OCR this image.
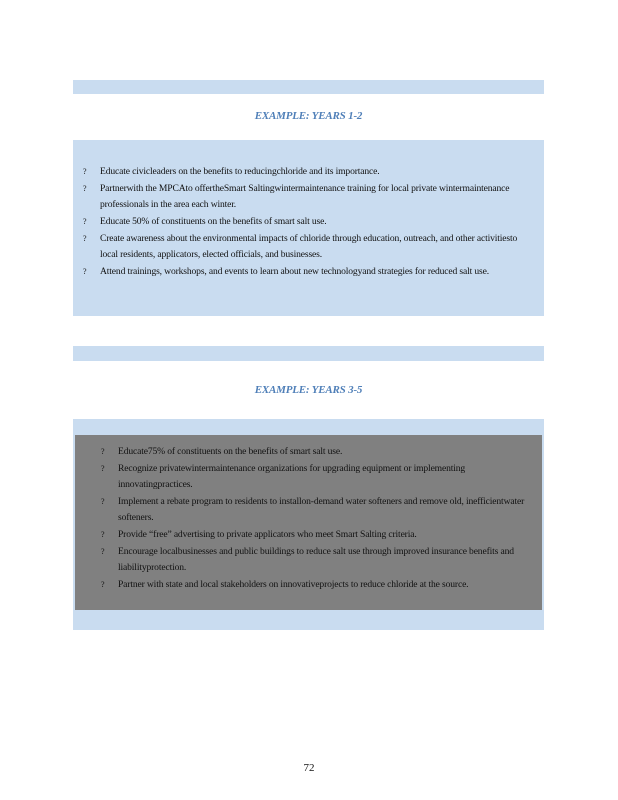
EXAMPLE: YEARS 1-2
? Educate civicleaders on the benefits to reducingchloride and its importance.
? Partnerwith the MPCAto offertheSmart Saltingwintermaintenance training for local private wintermaintenance professionals in the area each winter.
? Educate 50% of constituents on the benefits of smart salt use.
? Create awareness about the environmental impacts of chloride through education, outreach, and other activitiesto local residents, applicators, elected officials, and businesses.
? Attend trainings, workshops, and events to learn about new technologyand strategies for reduced salt use.
EXAMPLE: YEARS 3-5
? Educate75% of constituents on the benefits of smart salt use.
? Recognize privatewintermaintenance organizations for upgrading equipment or implementing innovatingpractices.
? Implement a rebate program to residents to installon-demand water softeners and remove old, inefficientwater softeners.
? Provide “free” advertising to private applicators who meet Smart Salting criteria.
? Encourage localbusinesses and public buildings to reduce salt use through improved insurance benefits and liabilityprotection.
? Partner with state and local stakeholders on innovativeprojects to reduce chloride at the source.
72
